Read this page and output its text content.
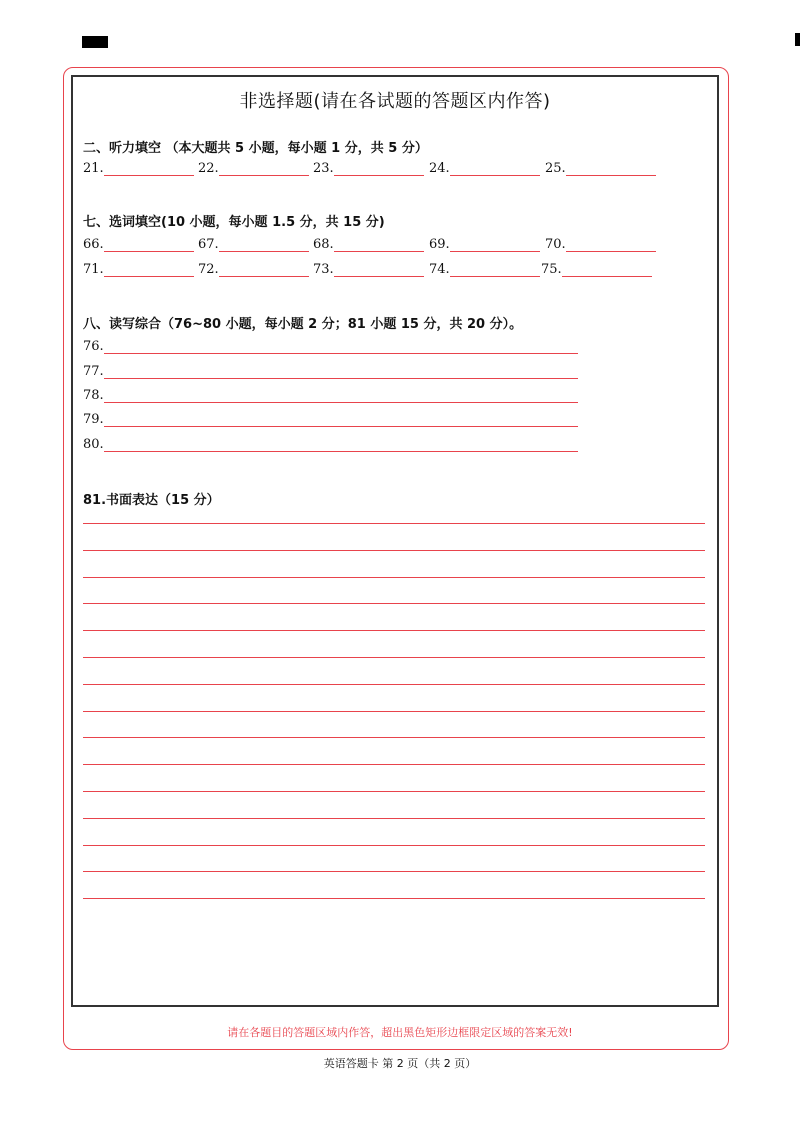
非选择题(请在各试题的答题区内作答)
二、听力填空 （本大题共 5 小题，每小题 1 分，共 5 分）
21.	22.	23.	24.	25.
七、选词填空(10 小题，每小题 1.5 分，共 15 分)
66.	67.	68.	69.	70.
71.	72.	73.	74.	75.
八、读写综合（76~80 小题，每小题 2 分；81 小题 15 分，共 20 分）。
76.
77.
78.
79.
80.
81.书面表达（15 分）
请在各题目的答题区域内作答，超出黑色矩形边框限定区域的答案无效!
英语答题卡 第 2 页（共 2 页）
